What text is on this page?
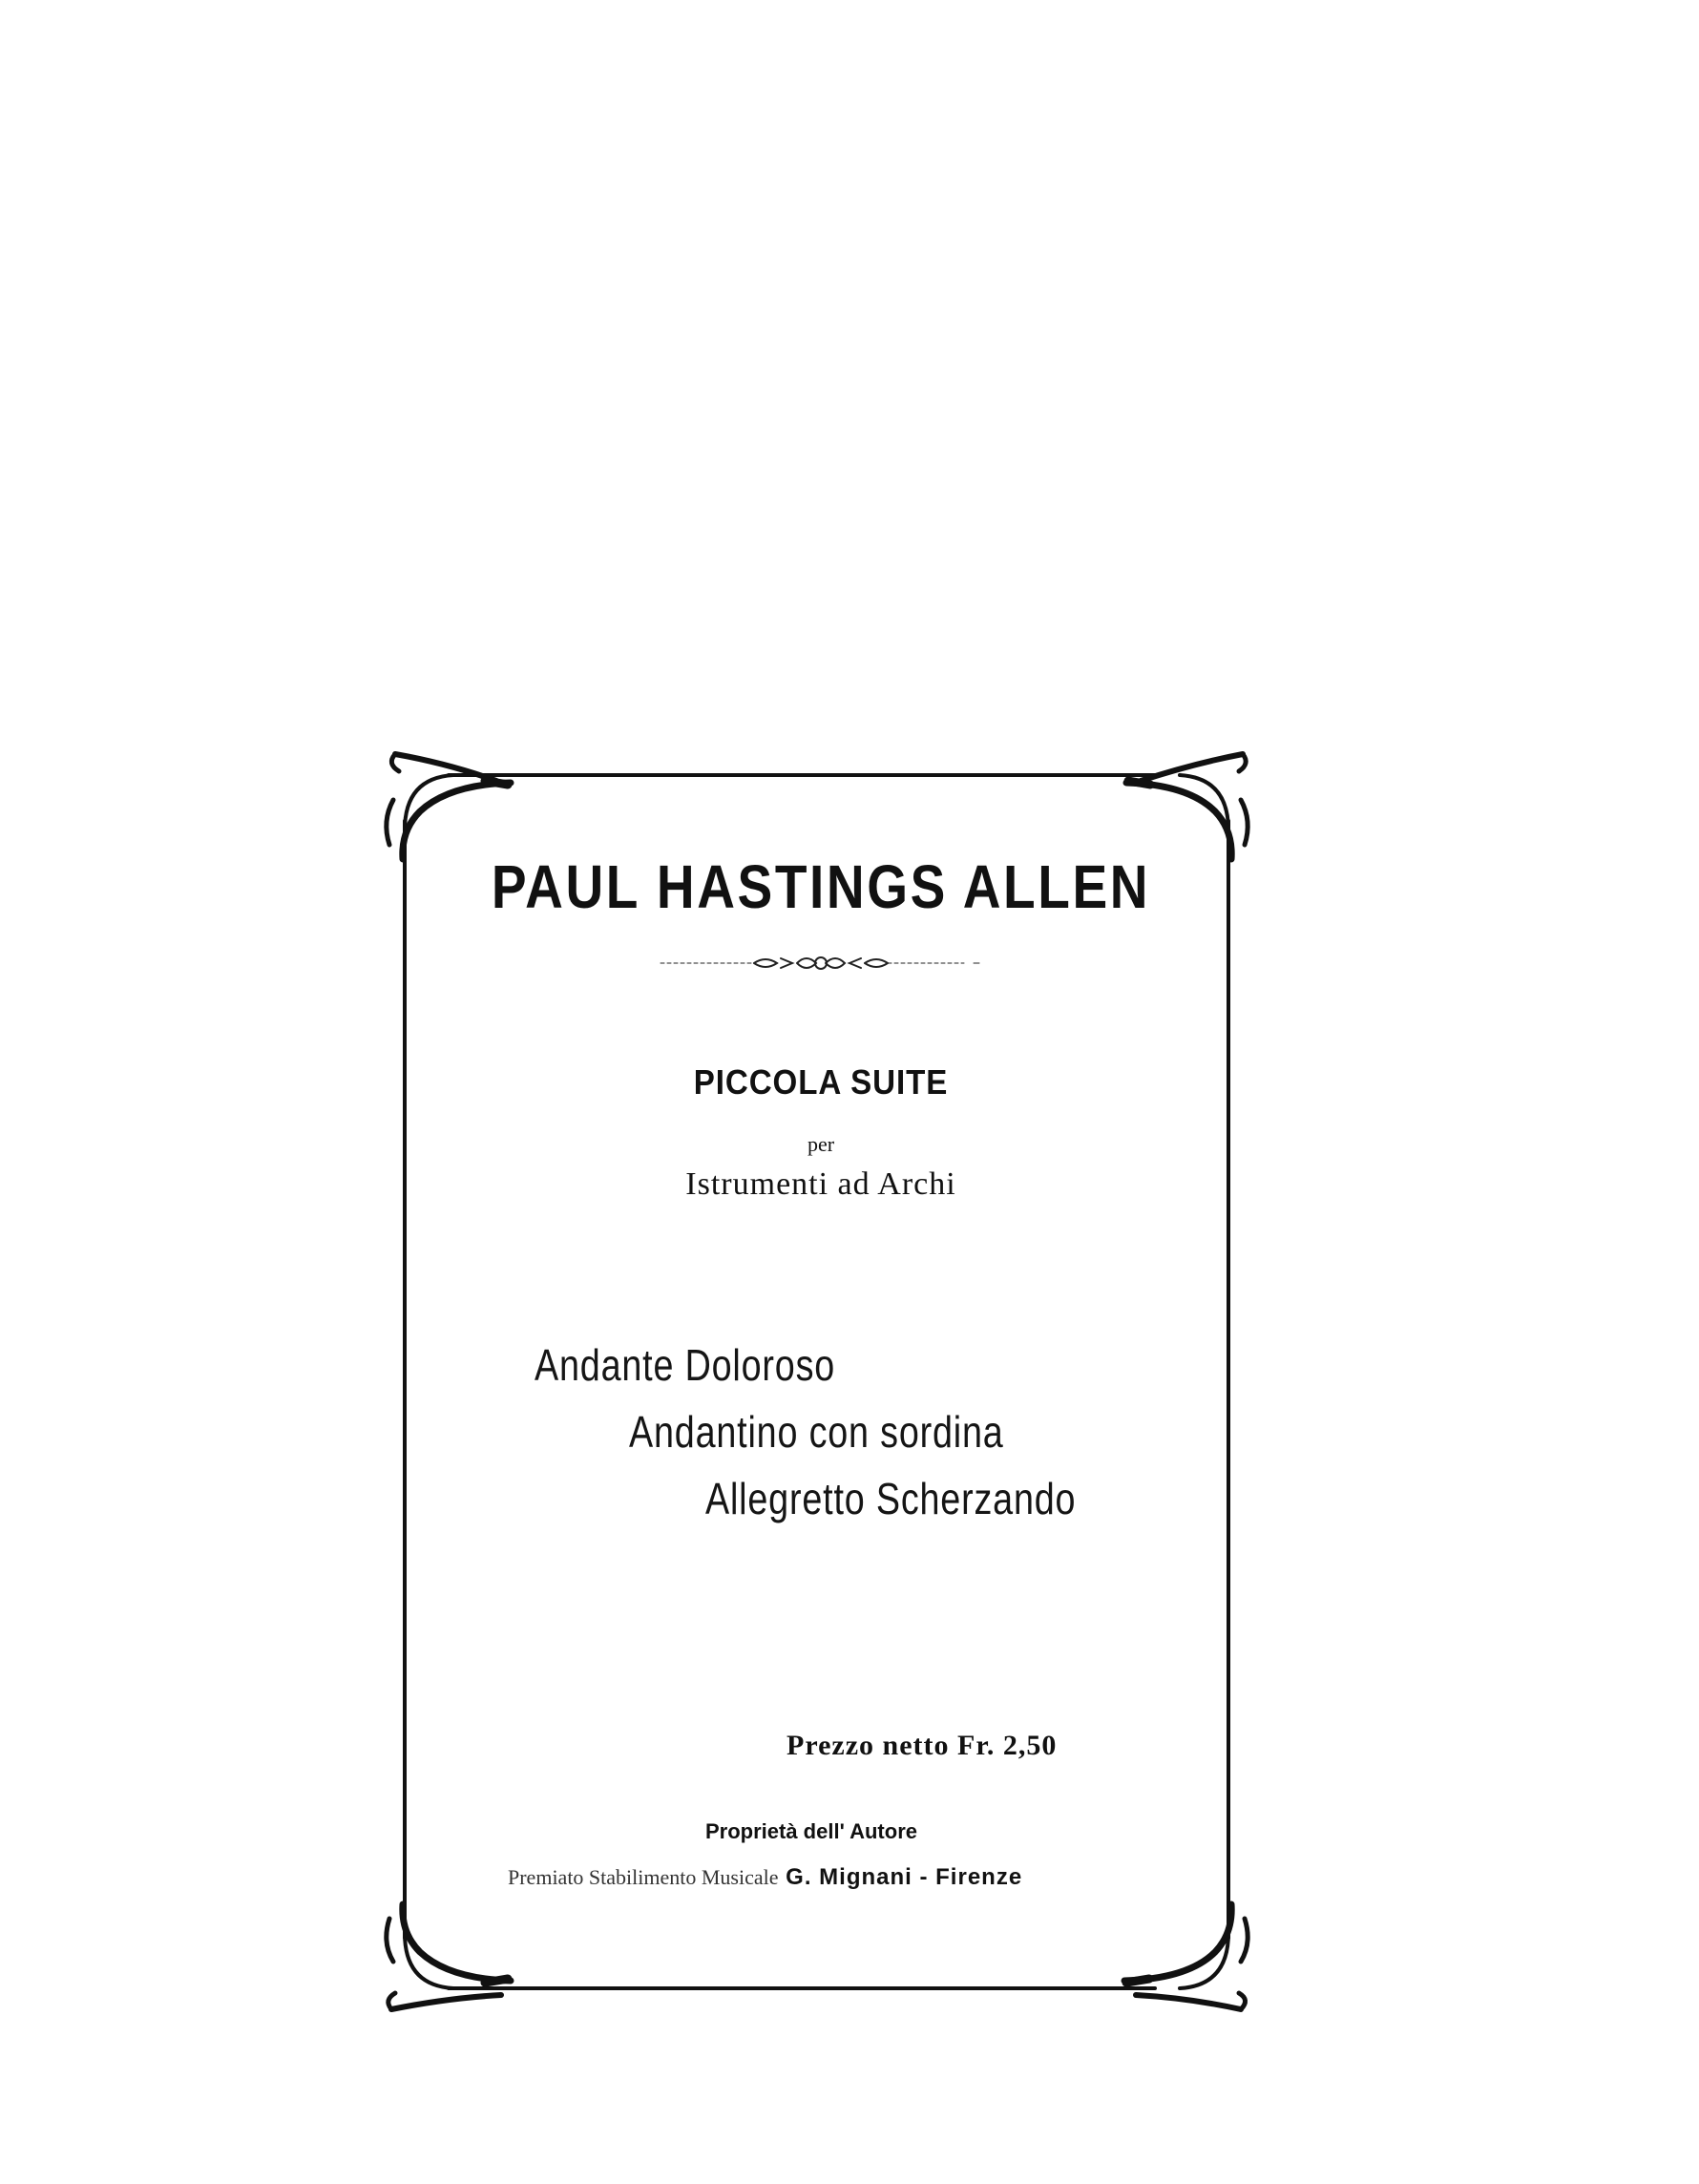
PAUL HASTINGS ALLEN
PICCOLA SUITE
per
Istrumenti ad Archi
Andante Doloroso
Andantino con sordina
Allegretto Scherzando
Prezzo netto Fr. 2,50
Proprietà dell' Autore
Premiato Stabilimento Musicale G. Mignani - Firenze
